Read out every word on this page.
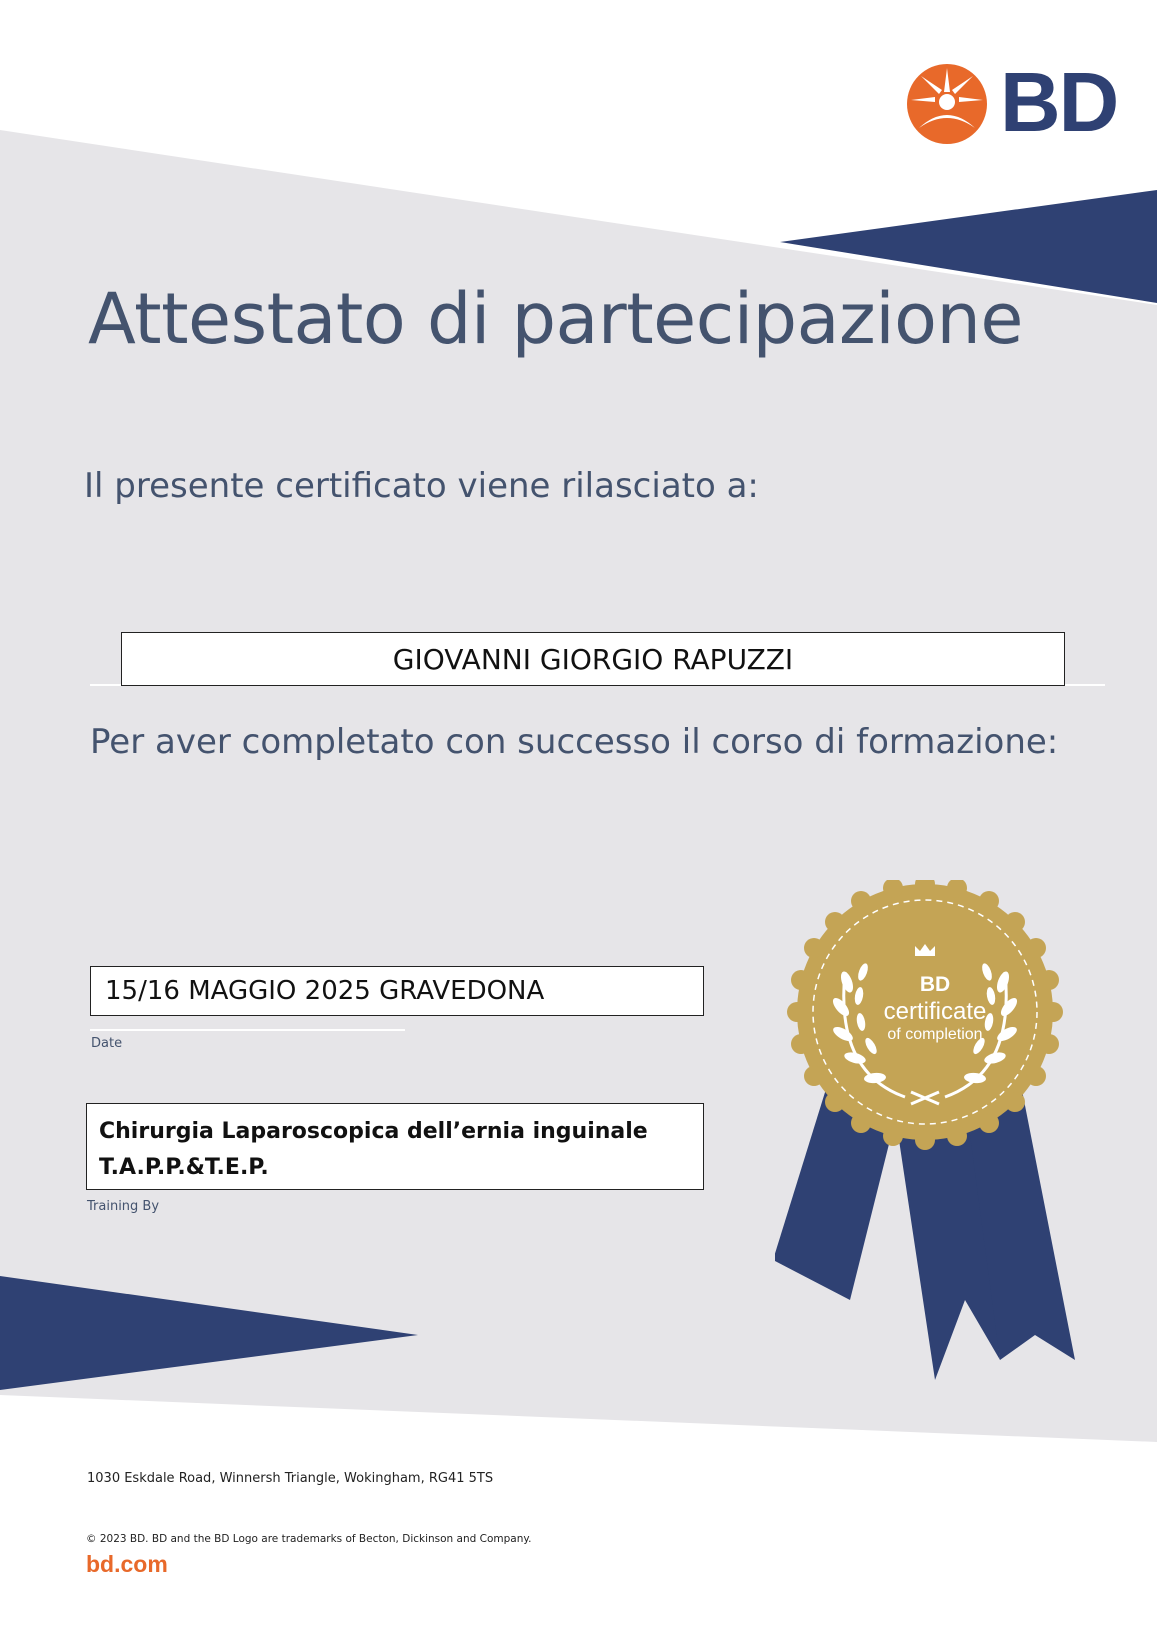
BD
Attestato di partecipazione
Il presente certificato viene rilasciato a:
GIOVANNI GIORGIO RAPUZZI
Per aver completato con successo il corso di formazione:
15/16 MAGGIO 2025 GRAVEDONA
Date
Chirurgia Laparoscopica dell’ernia inguinale
T.A.P.P.&T.E.P.
Training By
BD
certificate
of completion
1030 Eskdale Road, Winnersh Triangle, Wokingham, RG41 5TS
© 2023 BD. BD and the BD Logo are trademarks of Becton, Dickinson and Company.
bd.com
